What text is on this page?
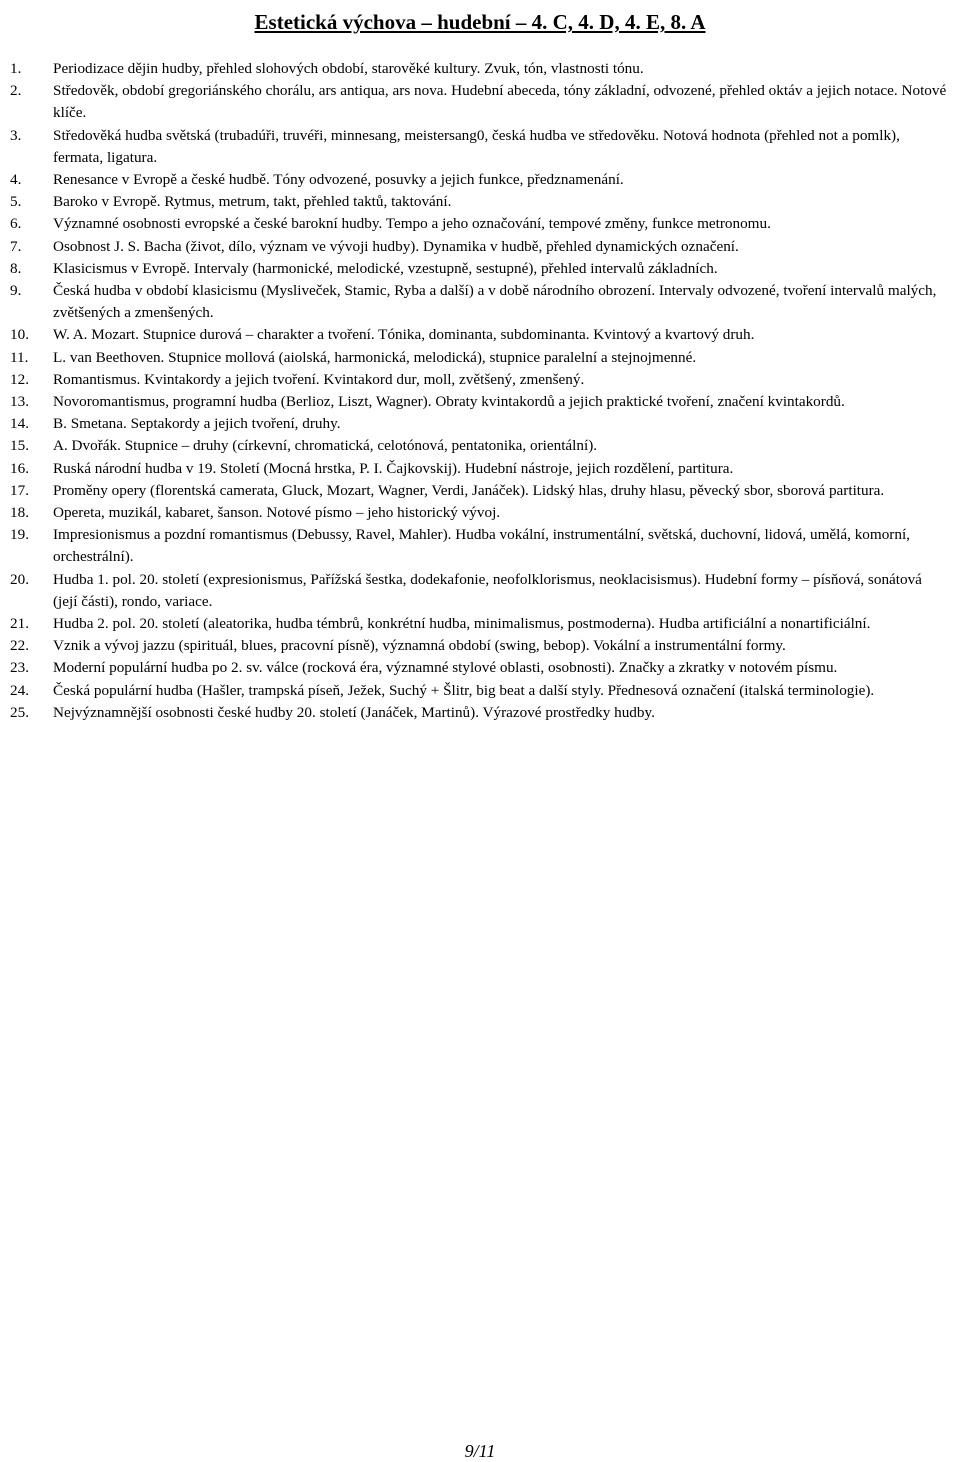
Estetická výchova – hudební – 4. C, 4. D, 4. E, 8. A
1. Periodizace dějin hudby, přehled slohových období, starověké kultury. Zvuk, tón, vlastnosti tónu.
2. Středověk, období gregoriánského chorálu, ars antiqua, ars nova. Hudební abeceda, tóny základní, odvozené, přehled oktáv a jejich notace. Notové klíče.
3. Středověká hudba světská (trubadúři, truvéři, minnesang, meistersang0, česká hudba ve středověku. Notová hodnota (přehled not a pomlk), fermata, ligatura.
4. Renesance v Evropě a české hudbě. Tóny odvozené, posuvky a jejich funkce, předznamenání.
5. Baroko v Evropě. Rytmus, metrum, takt, přehled taktů, taktování.
6. Významné osobnosti evropské a české barokní hudby. Tempo a jeho označování, tempové změny, funkce metronomu.
7. Osobnost J. S. Bacha (život, dílo, význam ve vývoji hudby). Dynamika v hudbě, přehled dynamických označení.
8. Klasicismus v Evropě. Intervaly (harmonické, melodické, vzestupně, sestupné), přehled intervalů základních.
9. Česká hudba v období klasicismu (Mysliveček, Stamic, Ryba a další) a v době národního obrození. Intervaly odvozené, tvoření intervalů malých, zvětšených a zmenšených.
10. W. A. Mozart. Stupnice durová – charakter a tvoření. Tónika, dominanta, subdominanta. Kvintový a kvartový druh.
11. L. van Beethoven. Stupnice mollová (aiolská, harmonická, melodická), stupnice paralelní a stejnojmenné.
12. Romantismus. Kvintakordy a jejich tvoření. Kvintakord dur, moll, zvětšený, zmenšený.
13. Novoromantismus, programní hudba (Berlioz, Liszt, Wagner). Obraty kvintakordů a jejich praktické tvoření, značení kvintakordů.
14. B. Smetana. Septakordy a jejich tvoření, druhy.
15. A. Dvořák. Stupnice – druhy (církevní, chromatická, celotónová, pentatonika, orientální).
16. Ruská národní hudba v 19. Století (Mocná hrstka, P. I. Čajkovskij). Hudební nástroje, jejich rozdělení, partitura.
17. Proměny opery (florentská camerata, Gluck, Mozart, Wagner, Verdi, Janáček). Lidský hlas, druhy hlasu, pěvecký sbor, sborová partitura.
18. Opereta, muzikál, kabaret, šanson. Notové písmo – jeho historický vývoj.
19. Impresionismus a pozdní romantismus (Debussy, Ravel, Mahler). Hudba vokální, instrumentální, světská, duchovní, lidová, umělá, komorní, orchestrální).
20. Hudba 1. pol. 20. století (expresionismus, Pařížská šestka, dodekafonie, neofolklorismus, neoklacisismus). Hudební formy – písňová, sonátová (její části), rondo, variace.
21. Hudba 2. pol. 20. století (aleatorika, hudba témbrů, konkrétní hudba, minimalismus, postmoderna). Hudba artificiální a nonartificiální.
22. Vznik a vývoj jazzu (spirituál, blues, pracovní písně), významná období (swing, bebop). Vokální a instrumentální formy.
23. Moderní populární hudba po 2. sv. válce (rocková éra, významné stylové oblasti, osobnosti). Značky a zkratky v notovém písmu.
24. Česká populární hudba (Hašler, trampská píseň, Ježek, Suchý + Šlitr, big beat a další styly. Přednesová označení (italská terminologie).
25. Nejvýznamnější osobnosti české hudby 20. století (Janáček, Martinů). Výrazové prostředky hudby.
9/11
